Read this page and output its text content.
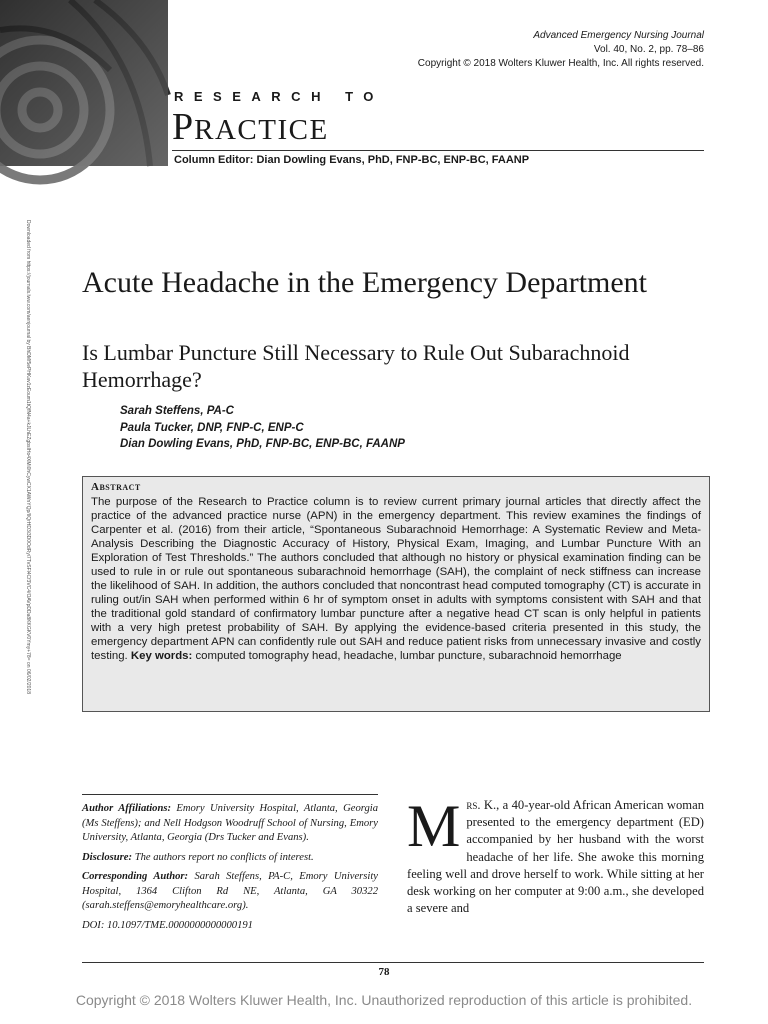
Advanced Emergency Nursing Journal
Vol. 40, No. 2, pp. 78–86
Copyright © 2018 Wolters Kluwer Health, Inc. All rights reserved.
RESEARCH TO
PRACTICE
Column Editor: Dian Dowling Evans, PhD, FNP-BC, ENP-BC, FAANP
Downloaded from https://journals.lww.com/aenjournal by BhDMf5ePHKav1zEoum1tQfN4a+kJLhEZgbsIHo4XMi0hCywCX1AWnYQp/IlQrHD3i3D0OdRyi7TvSFl4Cf3VC4/OAVpDDa8KKGKV0Ymy+78= on 06/02/2018 Acute Headache in the Emergency Department
Is Lumbar Puncture Still Necessary to Rule Out Subarachnoid Hemorrhage?
Sarah Steffens, PA-C
Paula Tucker, DNP, FNP-C, ENP-C
Dian Dowling Evans, PhD, FNP-BC, ENP-BC, FAANP
Abstract
The purpose of the Research to Practice column is to review current primary journal articles that directly affect the practice of the advanced practice nurse (APN) in the emergency department. This review examines the findings of Carpenter et al. (2016) from their article, “Spontaneous Subarachnoid Hemorrhage: A Systematic Review and Meta-Analysis Describing the Diagnostic Accuracy of History, Physical Exam, Imaging, and Lumbar Puncture With an Exploration of Test Thresholds.” The authors concluded that although no history or physical examination finding can be used to rule in or rule out spontaneous subarachnoid hemorrhage (SAH), the complaint of neck stiffness can increase the likelihood of SAH. In addition, the authors concluded that noncontrast head computed tomography (CT) is accurate in ruling out/in SAH when performed within 6 hr of symptom onset in adults with symptoms consistent with SAH and that the traditional gold standard of confirmatory lumbar puncture after a negative head CT scan is only helpful in patients with a very high pretest probability of SAH. By applying the evidence-based criteria presented in this study, the emergency department APN can confidently rule out SAH and reduce patient risks from unnecessary invasive and costly testing. Key words: computed tomography head, headache, lumbar puncture, subarachnoid hemorrhage

Author Affiliations: Emory University Hospital, Atlanta, Georgia (Ms Steffens); and Nell Hodgson Woodruff School of Nursing, Emory University, Atlanta, Georgia (Drs Tucker and Evans).

Disclosure: The authors report no conflicts of interest.

Corresponding Author: Sarah Steffens, PA-C, Emory University Hospital, 1364 Clifton Rd NE, Atlanta, GA 30322 (sarah.steffens@emoryhealthcare.org).

DOI: 10.1097/TME.0000000000000191

Mrs. K., a 40-year-old African American woman presented to the emergency department (ED) accompanied by her husband with the worst headache of her life. She awoke this morning feeling well and drove herself to work. While sitting at her desk working on her computer at 9:00 a.m., she developed a severe and
78
Copyright © 2018 Wolters Kluwer Health, Inc. Unauthorized reproduction of this article is prohibited.
